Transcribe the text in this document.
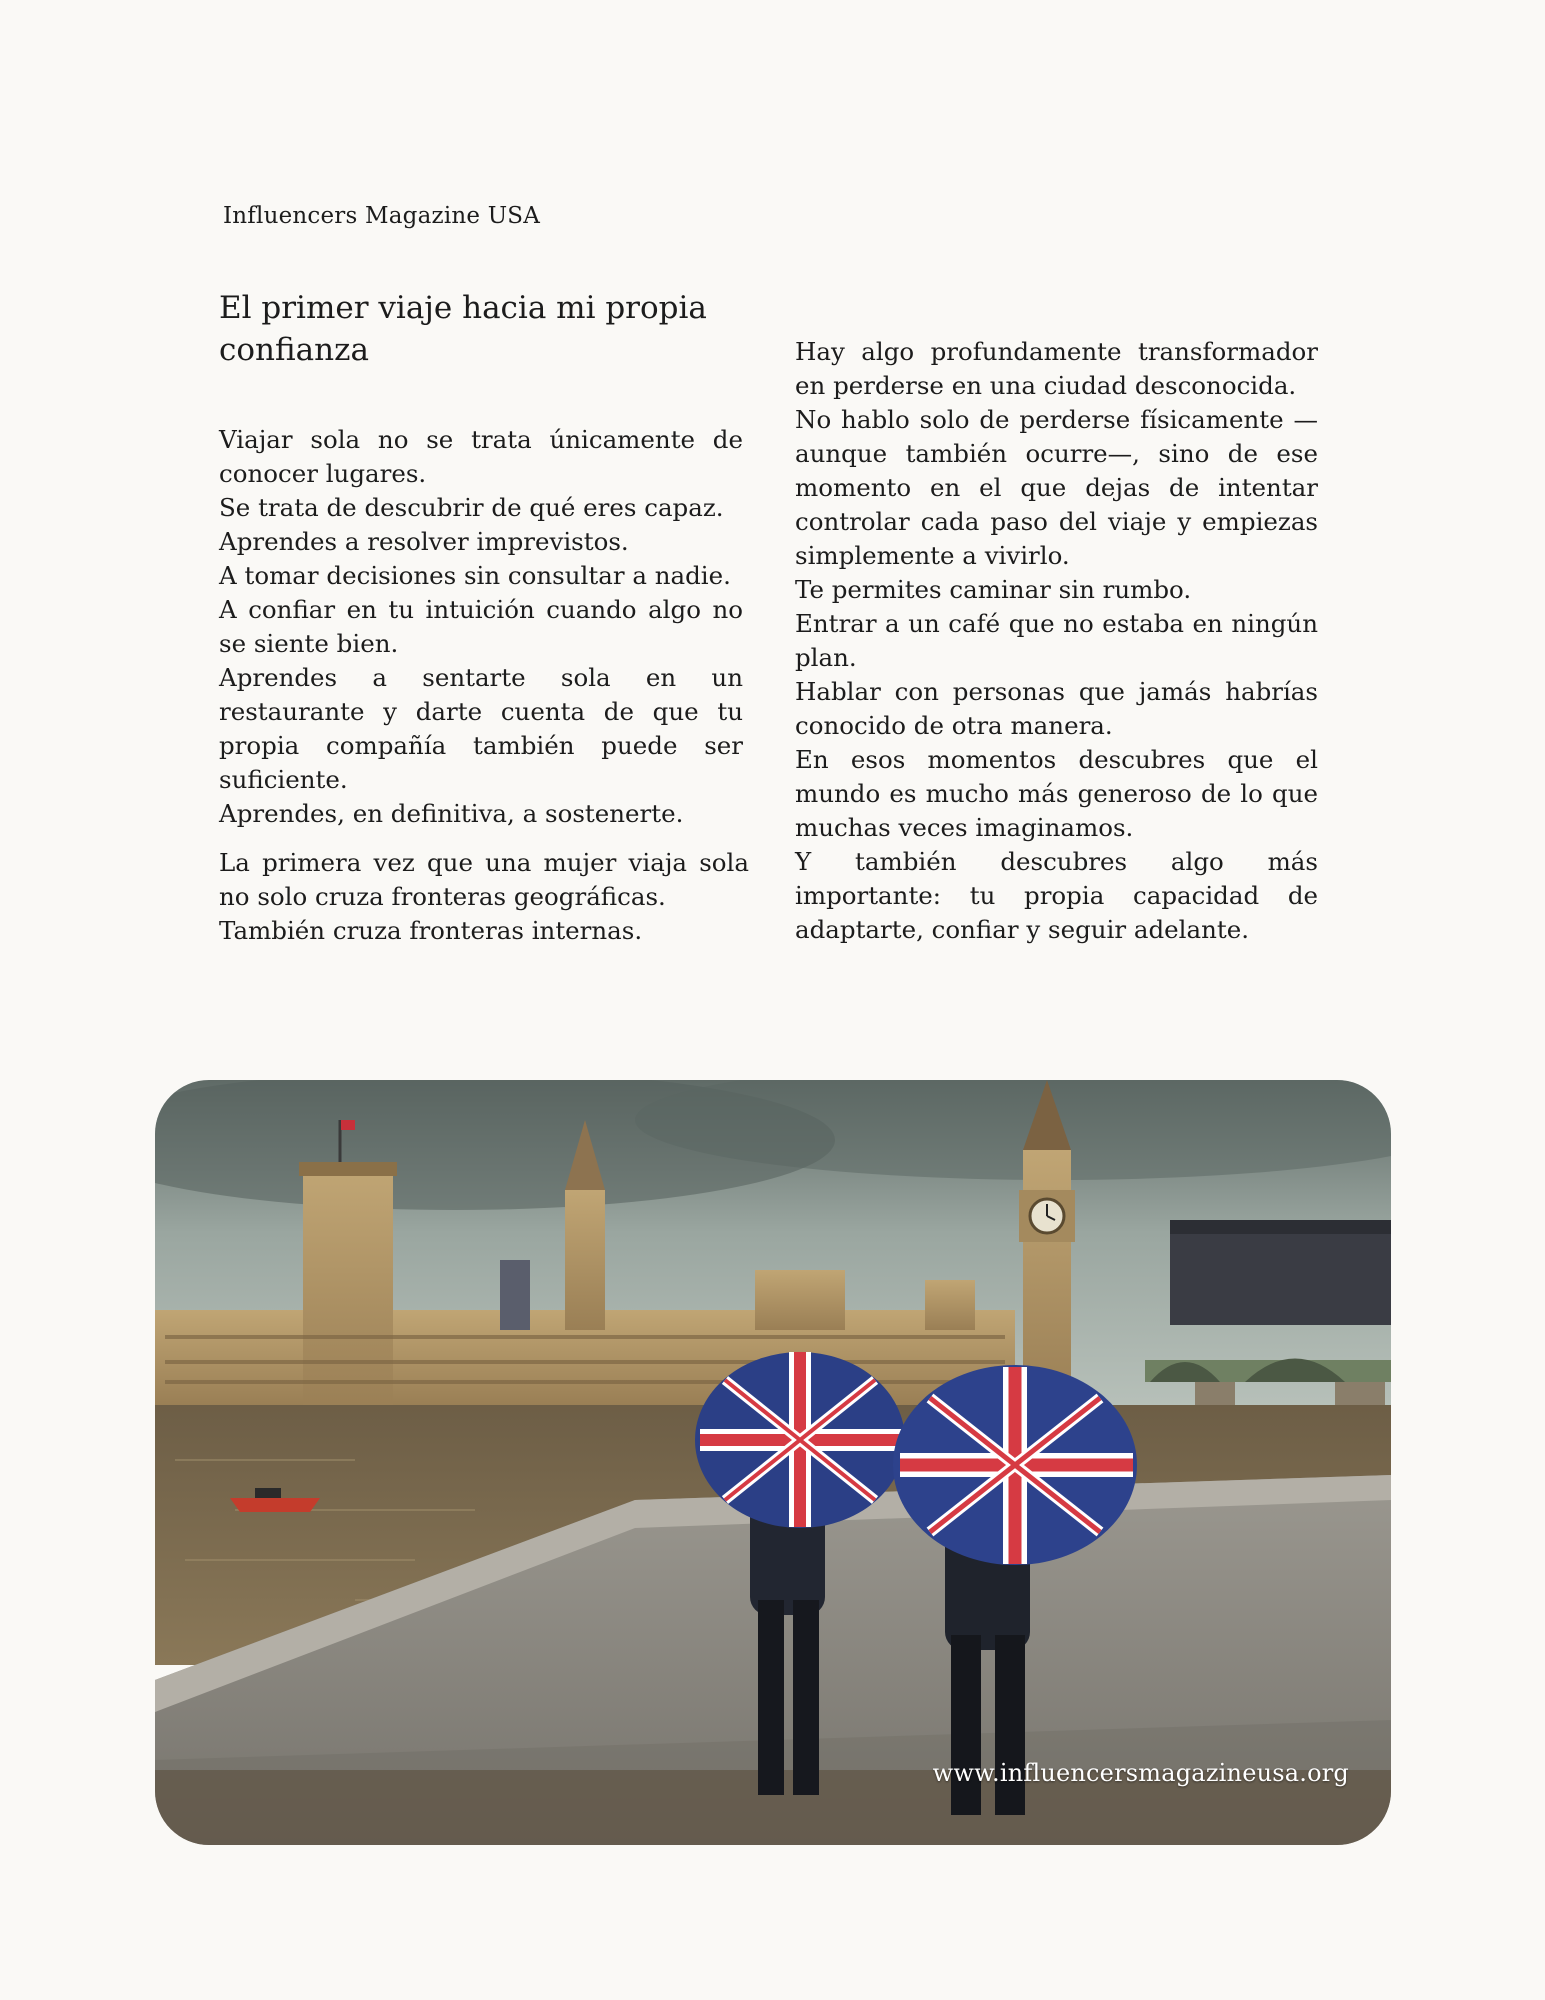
Influencers Magazine USA
El primer viaje hacia mi propia confianza

Viajar sola no se trata únicamente de conocer lugares.

Se trata de descubrir de qué eres capaz.

Aprendes a resolver imprevistos.

A tomar decisiones sin consultar a nadie.

A confiar en tu intuición cuando algo no se siente bien.

Aprendes a sentarte sola en un restaurante y darte cuenta de que tu propia compañía también puede ser suficiente.

Aprendes, en definitiva, a sostenerte.

La primera vez que una mujer viaja sola no solo cruza fronteras geográficas.

También cruza fronteras internas.

Hay algo profundamente transformador en perderse en una ciudad desconocida.

No hablo solo de perderse físicamente —aunque también ocurre—, sino de ese momento en el que dejas de intentar controlar cada paso del viaje y empiezas simplemente a vivirlo.

Te permites caminar sin rumbo.

Entrar a un café que no estaba en ningún plan.

Hablar con personas que jamás habrías conocido de otra manera.

En esos momentos descubres que el mundo es mucho más generoso de lo que muchas veces imaginamos.

Y también descubres algo más importante: tu propia capacidad de adaptarte, confiar y seguir adelante.

www.influencersmagazineusa.org
